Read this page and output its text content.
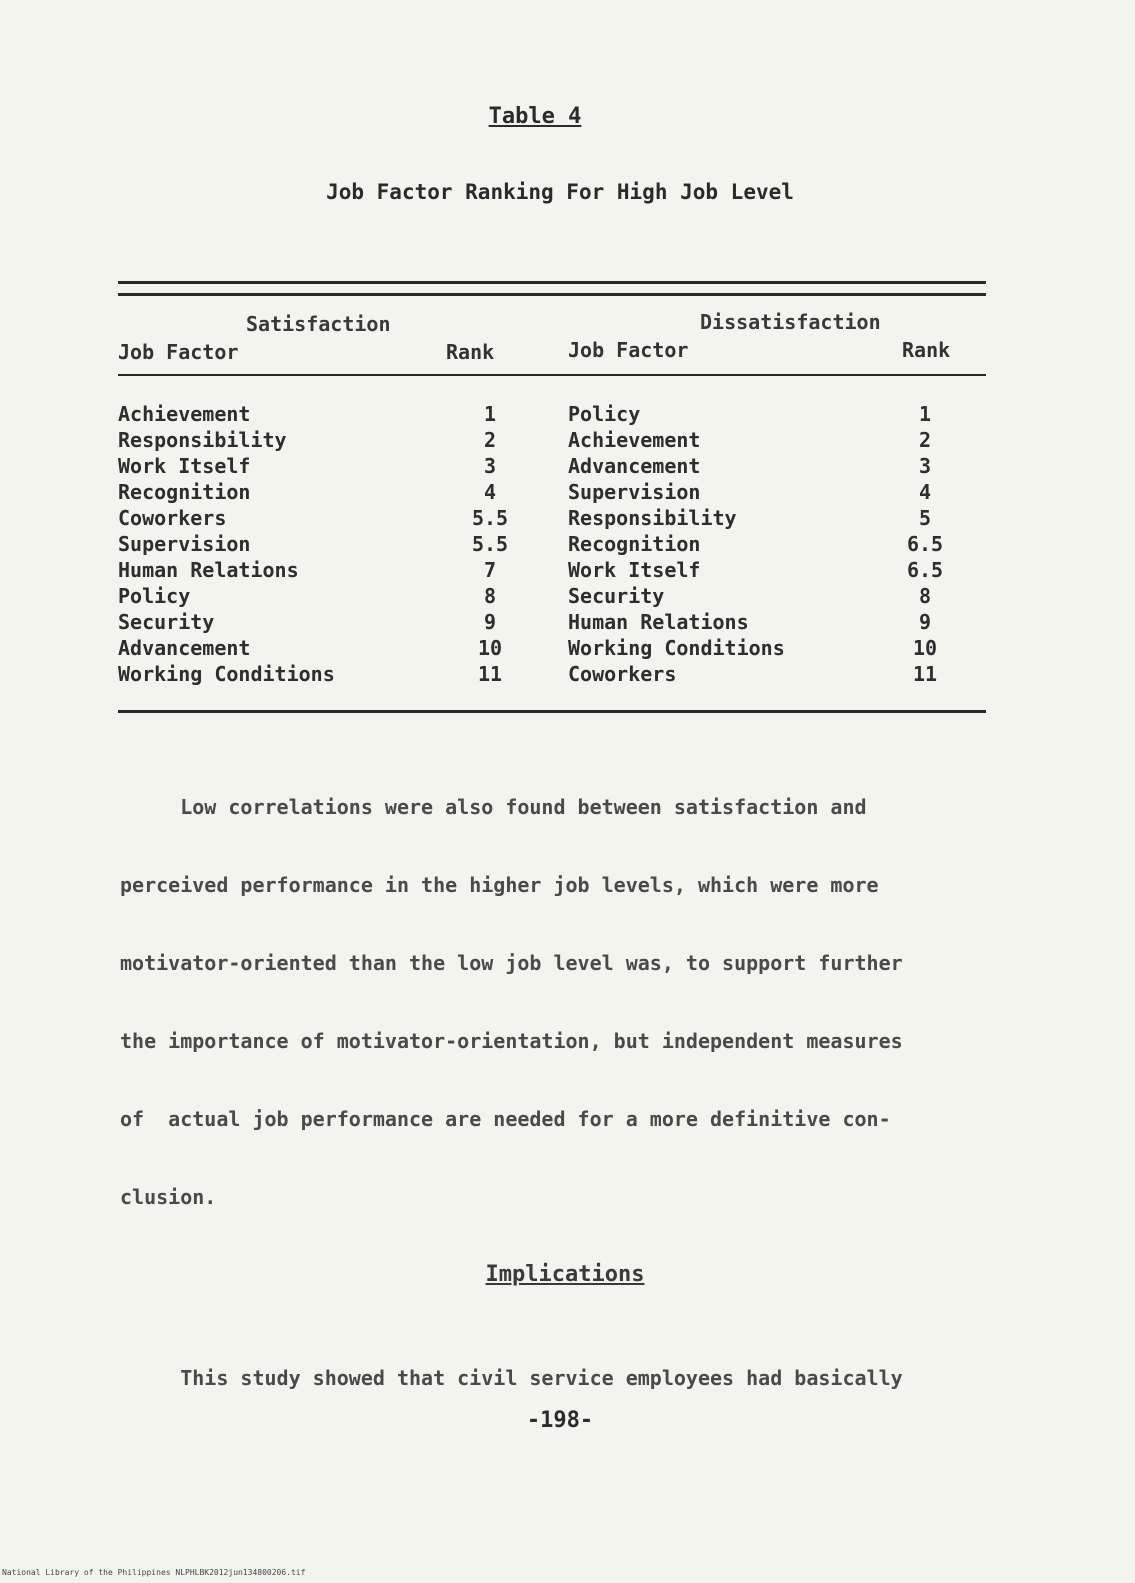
Table 4
Job Factor Ranking For High Job Level
Satisfaction	Dissatisfaction
Job Factor	Rank	Job Factor	Rank
Achievement	1	Policy	1
Responsibility	2	Achievement	2
Work Itself	3	Advancement	3
Recognition	4	Supervision	4
Coworkers	5.5	Responsibility	5
Supervision	5.5	Recognition	6.5
Human Relations	7	Work Itself	6.5
Policy	8	Security	8
Security	9	Human Relations	9
Advancement	10	Working Conditions	10
Working Conditions	11	Coworkers	11
Low correlations were also found between satisfaction and
perceived performance in the higher job levels, which were more
motivator-oriented than the low job level was, to support further
the importance of motivator-orientation, but independent measures
of  actual job performance are needed for a more definitive con-
clusion.
Implications
This study showed that civil service employees had basically
-198-
National Library of the Philippines NLPHLBK2012jun134800206.tif
